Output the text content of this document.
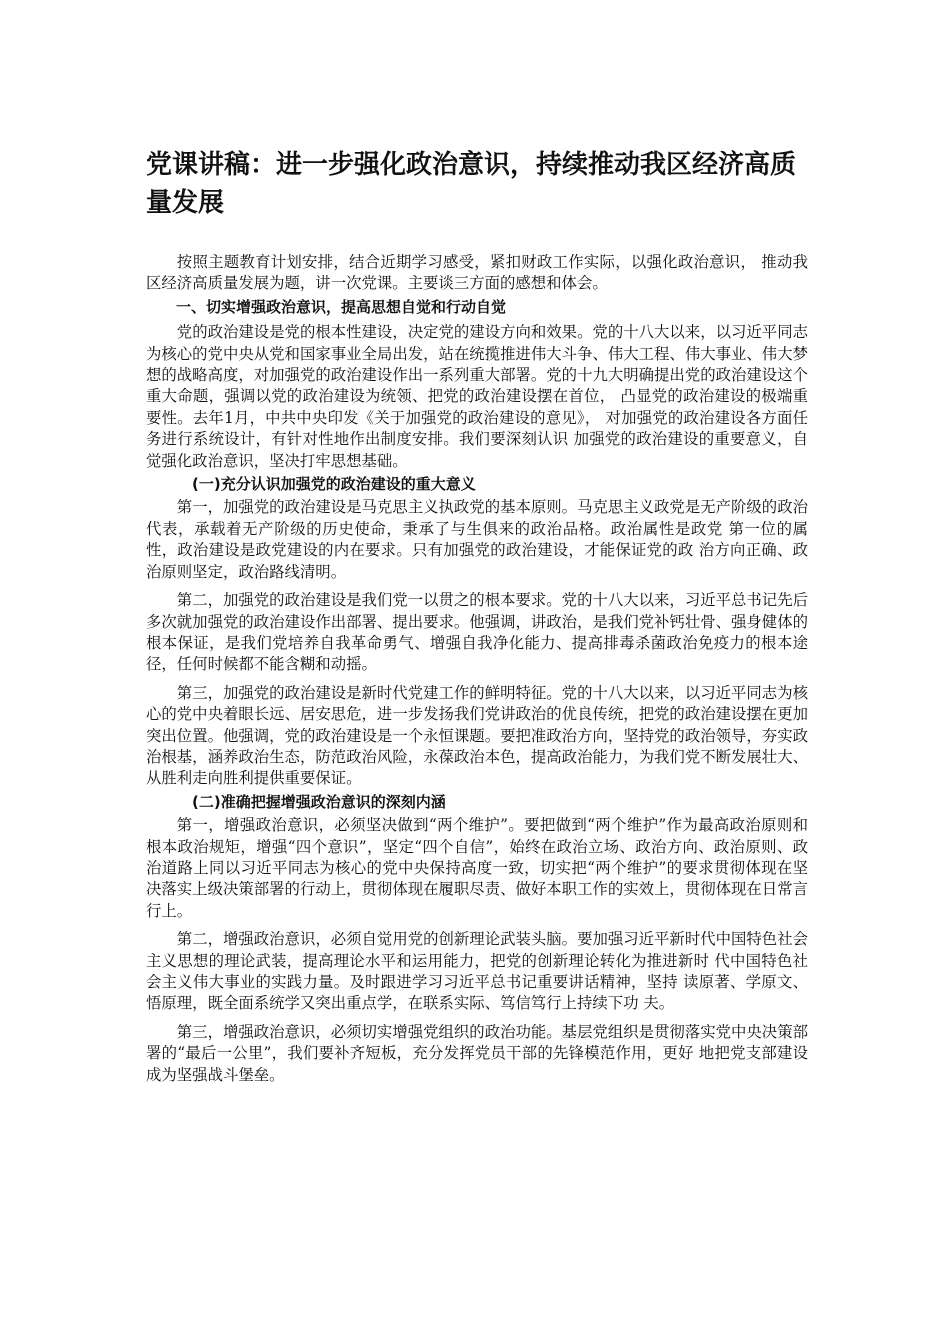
党课讲稿：进一步强化政治意识，持续推动我区经济高质量发展

按照主题教育计划安排，结合近期学习感受，紧扣财政工作实际，以强化政治意识， 推动我区经济高质量发展为题，讲一次党课。主要谈三方面的感想和体会。

一、切实增强政治意识，提高思想自觉和行动自觉

党的政治建设是党的根本性建设，决定党的建设方向和效果。党的十八大以来，以习近平同志为核心的党中央从党和国家事业全局出发，站在统揽推进伟大斗争、伟大工程、伟大事业、伟大梦想的战略高度，对加强党的政治建设作出一系列重大部署。党的十九大明确提出党的政治建设这个重大命题，强调以党的政治建设为统领、把党的政治建设摆在首位， 凸显党的政治建设的极端重要性。去年1月，中共中央印发《关于加强党的政治建设的意见》， 对加强党的政治建设各方面任务进行系统设计，有针对性地作出制度安排。我们要深刻认识 加强党的政治建设的重要意义，自觉强化政治意识，坚决打牢思想基础。

(一)充分认识加强党的政治建设的重大意义

第一，加强党的政治建设是马克思主义执政党的基本原则。马克思主义政党是无产阶级的政治代表，承载着无产阶级的历史使命，秉承了与生俱来的政治品格。政治属性是政党 第一位的属性，政治建设是政党建设的内在要求。只有加强党的政治建设，才能保证党的政 治方向正确、政治原则坚定，政治路线清明。

第二，加强党的政治建设是我们党一以贯之的根本要求。党的十八大以来，习近平总书记先后多次就加强党的政治建设作出部署、提出要求。他强调，讲政治，是我们党补钙壮骨、强身健体的根本保证，是我们党培养自我革命勇气、增强自我净化能力、提高排毒杀菌政治免疫力的根本途径，任何时候都不能含糊和动摇。

第三，加强党的政治建设是新时代党建工作的鲜明特征。党的十八大以来，以习近平同志为核心的党中央着眼长远、居安思危，进一步发扬我们党讲政治的优良传统，把党的政治建设摆在更加突出位置。他强调，党的政治建设是一个永恒课题。要把准政治方向，坚持党的政治领导，夯实政治根基，涵养政治生态，防范政治风险，永葆政治本色，提高政治能力，为我们党不断发展壮大、从胜利走向胜利提供重要保证。

(二)准确把握增强政治意识的深刻内涵

第一，增强政治意识，必须坚决做到“两个维护”。要把做到“两个维护”作为最高政治原则和根本政治规矩，增强“四个意识”，坚定“四个自信”，始终在政治立场、政治方向、政治原则、政治道路上同以习近平同志为核心的党中央保持高度一致，切实把“两个维护”的要求贯彻体现在坚决落实上级决策部署的行动上，贯彻体现在履职尽责、做好本职工作的实效上，贯彻体现在日常言行上。

第二，增强政治意识，必须自觉用党的创新理论武装头脑。要加强习近平新时代中国特色社会主义思想的理论武装，提高理论水平和运用能力，把党的创新理论转化为推进新时 代中国特色社会主义伟大事业的实践力量。及时跟进学习习近平总书记重要讲话精神，坚持 读原著、学原文、悟原理，既全面系统学又突出重点学，在联系实际、笃信笃行上持续下功 夫。

第三，增强政治意识，必须切实增强党组织的政治功能。基层党组织是贯彻落实党中央决策部署的“最后一公里”，我们要补齐短板，充分发挥党员干部的先锋模范作用，更好 地把党支部建设成为坚强战斗堡垒。
